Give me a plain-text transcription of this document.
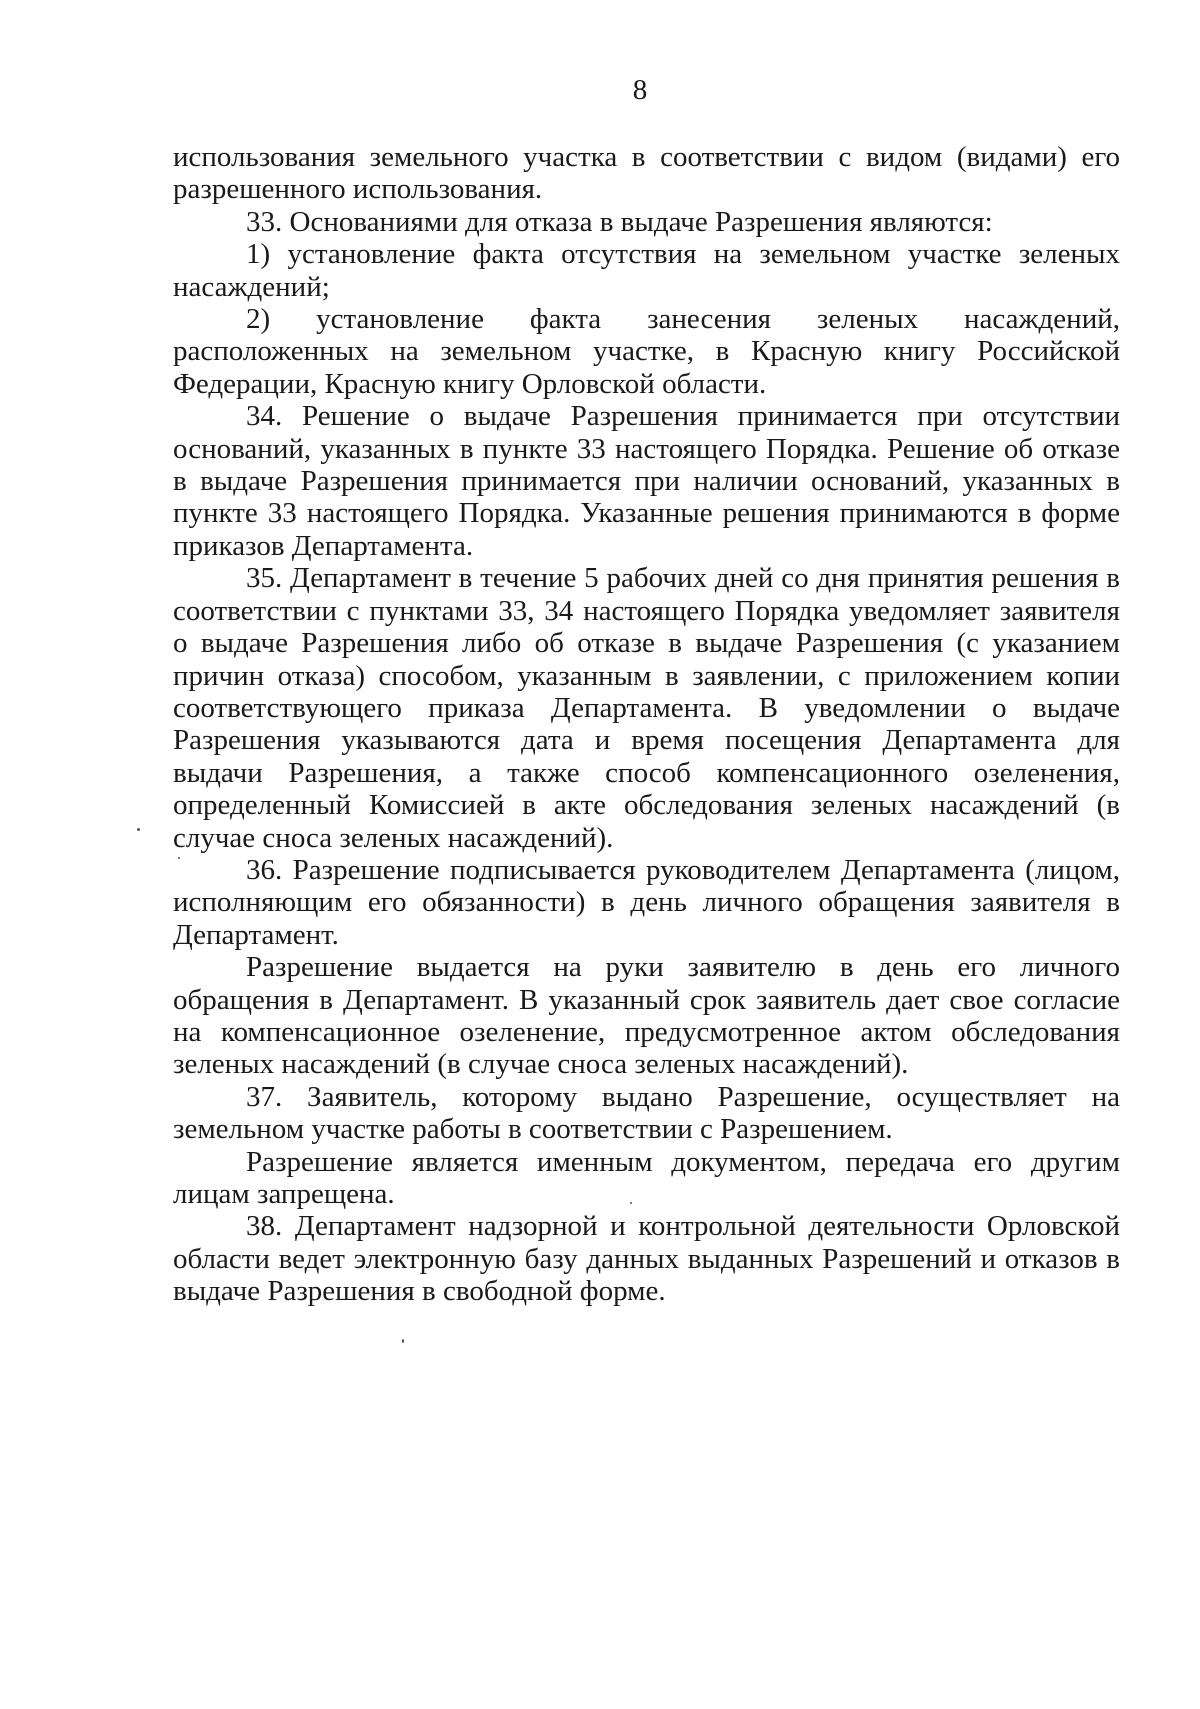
8

использования земельного участка в соответствии с видом (видами) его разрешенного использования.

33. Основаниями для отказа в выдаче Разрешения являются:

1) установление факта отсутствия на земельном участке зеленых насаждений;

2) установление факта занесения зеленых насаждений, расположенных на земельном участке, в Красную книгу Российской Федерации, Красную книгу Орловской области.

34. Решение о выдаче Разрешения принимается при отсутствии оснований, указанных в пункте 33 настоящего Порядка. Решение об отказе в выдаче Разрешения принимается при наличии оснований, указанных в пункте 33 настоящего Порядка. Указанные решения принимаются в форме приказов Департамента.

35. Департамент в течение 5 рабочих дней со дня принятия решения в соответствии с пунктами 33, 34 настоящего Порядка уведомляет заявителя о выдаче Разрешения либо об отказе в выдаче Разрешения (с указанием причин отказа) способом, указанным в заявлении, с приложением копии соответствующего приказа Департамента. В уведомлении о выдаче Разрешения указываются дата и время посещения Департамента для выдачи Разрешения, а также способ компенсационного озеленения, определенный Комиссией в акте обследования зеленых насаждений (в случае сноса зеленых насаждений).

36. Разрешение подписывается руководителем Департамента (лицом, исполняющим его обязанности) в день личного обращения заявителя в Департамент.

Разрешение выдается на руки заявителю в день его личного обращения в Департамент. В указанный срок заявитель дает свое согласие на компенсационное озеленение, предусмотренное актом обследования зеленых насаждений (в случае сноса зеленых насаждений).

37. Заявитель, которому выдано Разрешение, осуществляет на земельном участке работы в соответствии с Разрешением.

Разрешение является именным документом, передача его другим лицам запрещена.

38. Департамент надзорной и контрольной деятельности Орловской области ведет электронную базу данных выданных Разрешений и отказов в выдаче Разрешения в свободной форме.
